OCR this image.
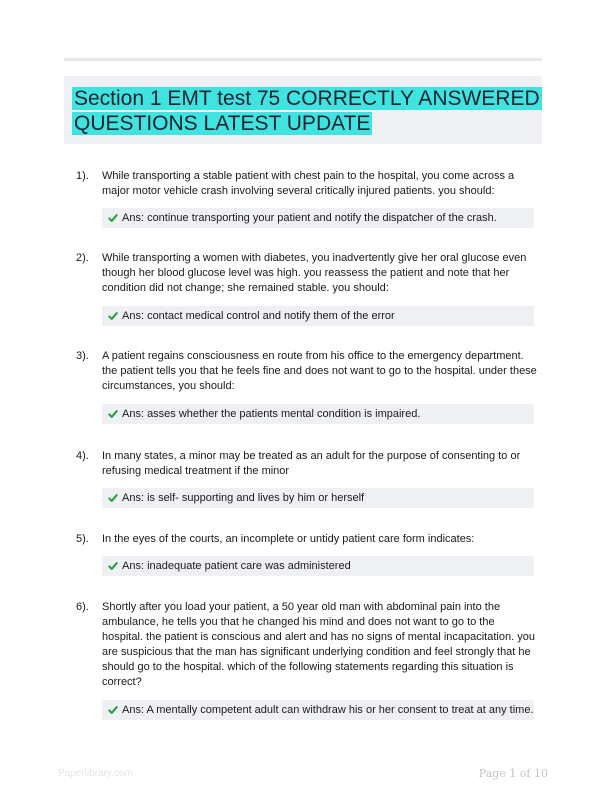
Section 1 EMT test 75 CORRECTLY ANSWERED QUESTIONS LATEST UPDATE
1). While transporting a stable patient with chest pain to the hospital, you come across a major motor vehicle crash involving several critically injured patients. you should:

Ans: continue transporting your patient and notify the dispatcher of the crash.
2). While transporting a women with diabetes, you inadvertently give her oral glucose even though her blood glucose level was high. you reassess the patient and note that her condition did not change; she remained stable. you should:

Ans: contact medical control and notify them of the error
3). A patient regains consciousness en route from his office to the emergency department. the patient tells you that he feels fine and does not want to go to the hospital. under these circumstances, you should:

Ans: asses whether the patients mental condition is impaired.
4). In many states, a minor may be treated as an adult for the purpose of consenting to or refusing medical treatment if the minor

Ans: is self- supporting and lives by him or herself
5). In the eyes of the courts, an incomplete or untidy patient care form indicates:

Ans: inadequate patient care was administered
6). Shortly after you load your patient, a 50 year old man with abdominal pain into the ambulance, he tells you that he changed his mind and does not want to go to the hospital. the patient is conscious and alert and has no signs of mental incapacitation. you are suspicious that the man has significant underlying condition and feel strongly that he should go to the hospital. which of the following statements regarding this situation is correct?

Ans: A mentally competent adult can withdraw his or her consent to treat at any time.
Paperlibrary.com	Page 1 of 10
